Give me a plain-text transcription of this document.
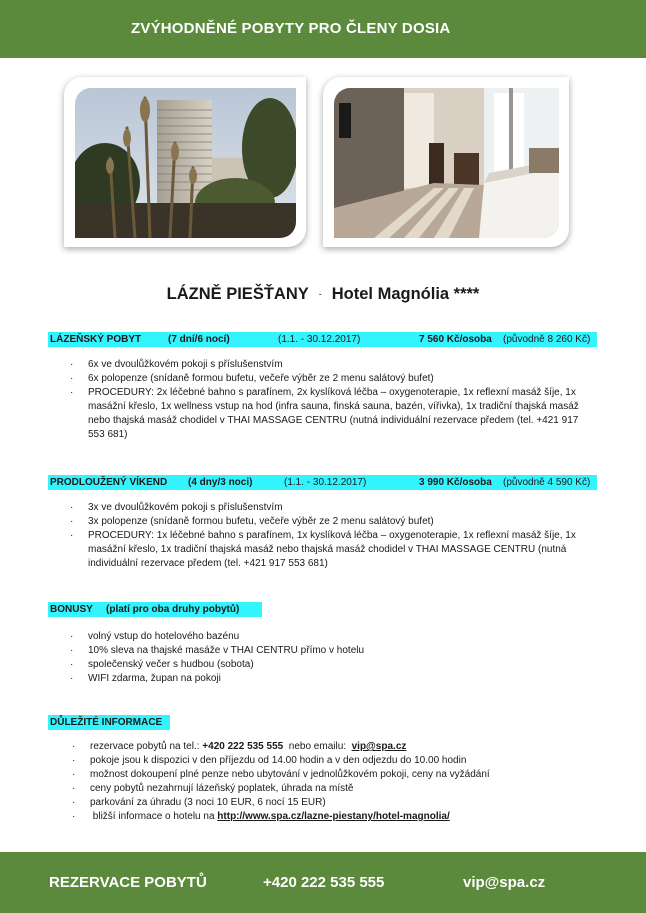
ZVÝHODNĚNÉ POBYTY PRO ČLENY DOSIA
LÁZNĚ PIEŠŤANY - Hotel Magnólia ****
LÁZEŇSKÝ POBYT	(7 dní/6 nocí)	(1.1. - 30.12.2017)	7 560 Kč/osoba (původně 8 260 Kč)
· 6x ve dvoulůžkovém pokoji s příslušenstvím
· 6x polopenze (snídaně formou bufetu, večeře výběr ze 2 menu salátový bufet)
· PROCEDURY: 2x léčebné bahno s parafínem, 2x kyslíková léčba – oxygenoterapie, 1x reflexní masáž šíje, 1x masážní křeslo, 1x wellness vstup na hod (infra sauna, finská sauna, bazén, vířivka), 1x tradiční thajská masáž nebo thajská masáž chodidel v THAI MASSAGE CENTRU (nutná individuální rezervace předem (tel. +421 917 553 681)
PRODLOUŽENÝ VÍKEND (4 dny/3 noci)	(1.1. - 30.12.2017)	3 990 Kč/osoba (původně 4 590 Kč)
· 3x ve dvoulůžkovém pokoji s příslušenstvím
· 3x polopenze (snídaně formou bufetu, večeře výběr ze 2 menu salátový bufet)
· PROCEDURY: 1x léčebné bahno s parafínem, 1x kyslíková léčba – oxygenoterapie, 1x reflexní masáž šíje, 1x masážní křeslo, 1x tradiční thajská masáž nebo thajská masáž chodidel v THAI MASSAGE CENTRU (nutná individuální rezervace předem (tel. +421 917 553 681)
BONUSY (platí pro oba druhy pobytů)
· volný vstup do hotelového bazénu
· 10% sleva na thajské masáže v THAI CENTRU přímo v hotelu
· společenský večer s hudbou (sobota)
· WIFI zdarma, župan na pokoji
DŮLEŽITÉ INFORMACE
· rezervace pobytů na tel.: +420 222 535 555 nebo emailu: vip@spa.cz
· pokoje jsou k dispozici v den příjezdu od 14.00 hodin a v den odjezdu do 10.00 hodin
· možnost dokoupení plné penze nebo ubytování v jednolůžkovém pokoji, ceny na vyžádání
· ceny pobytů nezahrnují lázeňský poplatek, úhrada na místě
· parkování za úhradu (3 noci 10 EUR, 6 nocí 15 EUR)
· bližší informace o hotelu na http://www.spa.cz/lazne-piestany/hotel-magnolia/
REZERVACE POBYTŮ	+420 222 535 555	vip@spa.cz
